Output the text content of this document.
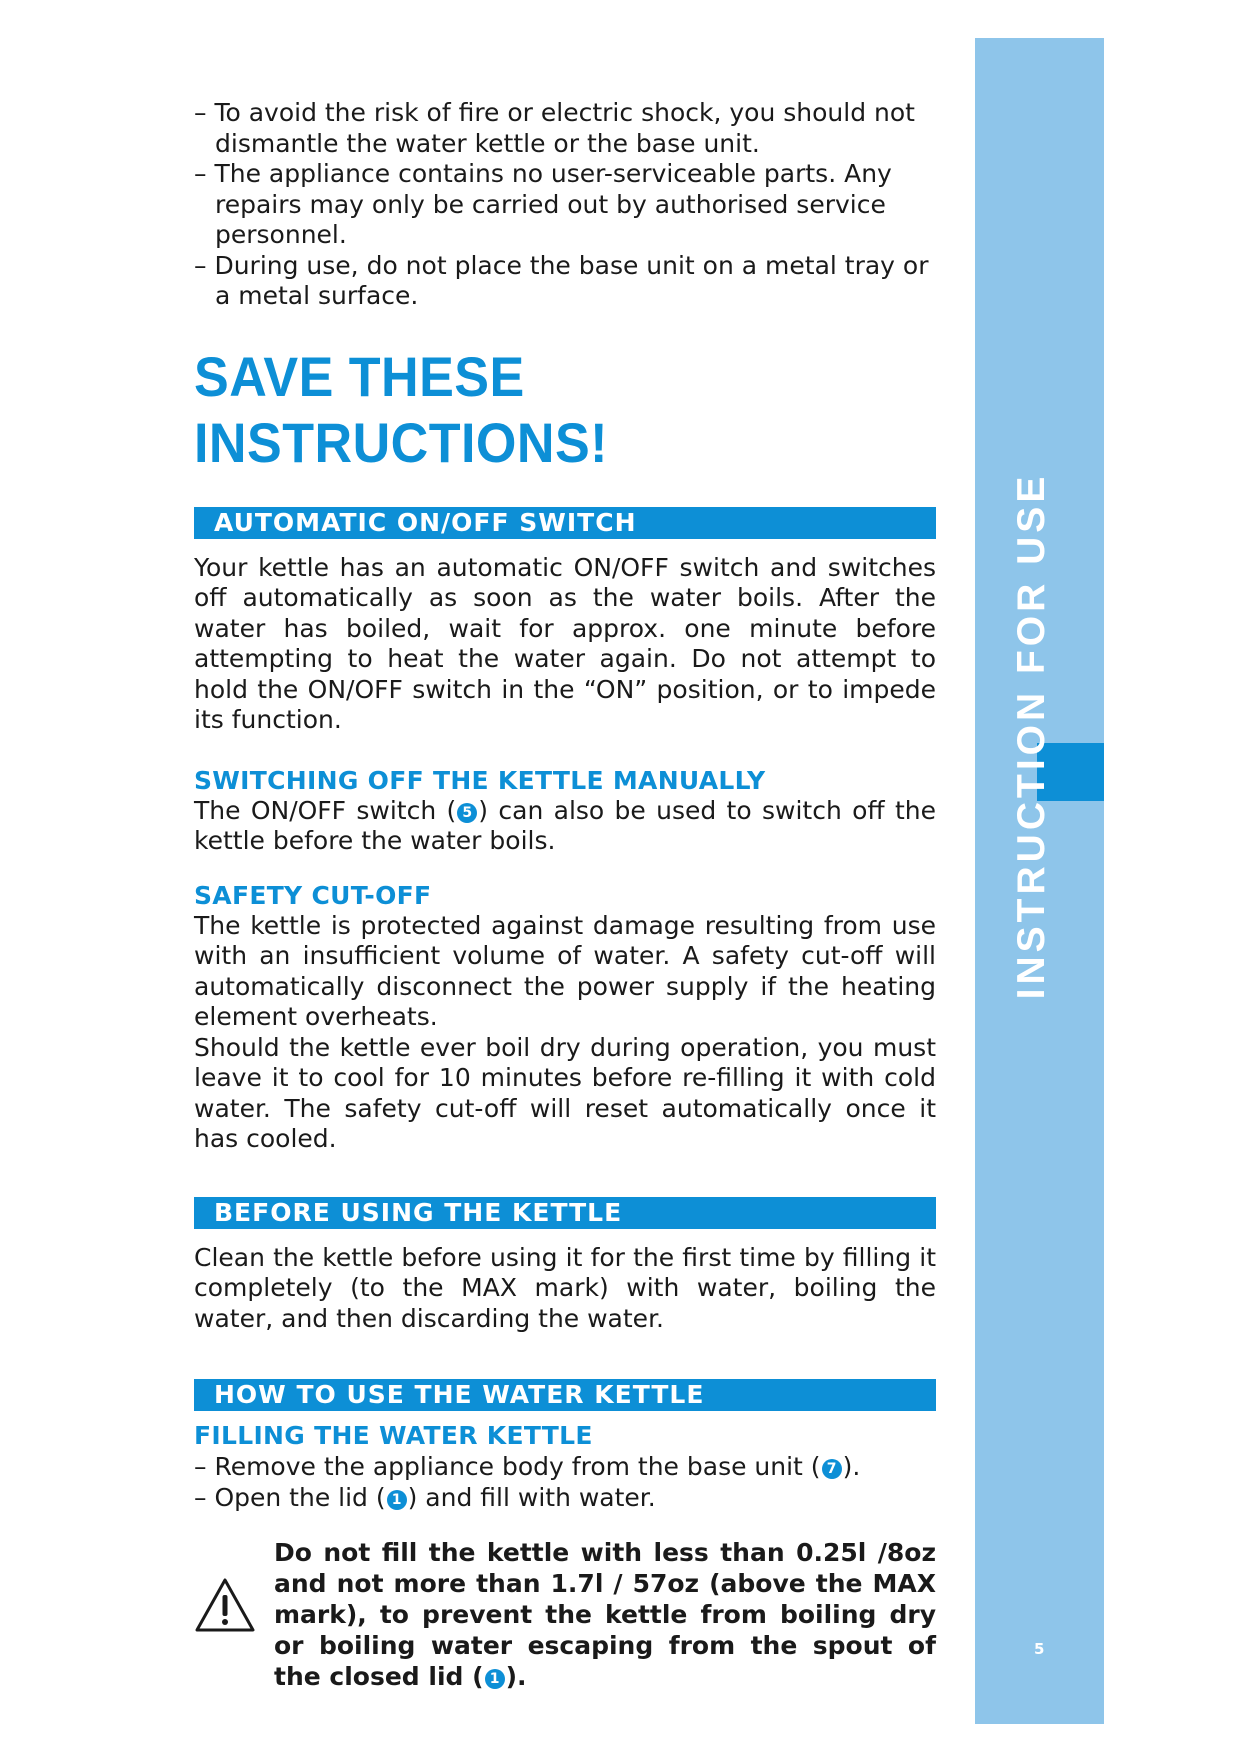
– To avoid the risk of fire or electric shock, you should not dismantle the water kettle or the base unit.

– The appliance contains no user-serviceable parts. Any repairs may only be carried out by authorised service personnel.

– During use, do not place the base unit on a metal tray or a metal surface.

SAVE THESE INSTRUCTIONS!
AUTOMATIC ON/OFF SWITCH

Your kettle has an automatic ON/OFF switch and switches off automatically as soon as the water boils. After the water has boiled, wait for approx. one minute before attempting to heat the water again. Do not attempt to hold the ON/OFF switch in the “ON” position, or to impede its function.

SWITCHING OFF THE KETTLE MANUALLY

The ON/OFF switch ( 5 ) can also be used to switch off the kettle before the water boils.

SAFETY CUT-OFF

The kettle is protected against damage resulting from use with an insufficient volume of water. A safety cut-off will automatically disconnect the power supply if the heating element overheats.

Should the kettle ever boil dry during operation, you must leave it to cool for 10 minutes before re-filling it with cold water. The safety cut-off will reset automatically once it has cooled.

BEFORE USING THE KETTLE

Clean the kettle before using it for the first time by filling it completely (to the MAX mark) with water, boiling the water, and then discarding the water.

HOW TO USE THE WATER KETTLE
FILLING THE WATER KETTLE

– Remove the appliance body from the base unit ( 7 ).

– Open the lid ( 1 ) and fill with water.

Do not fill the kettle with less than 0.25l /8oz and not more than 1.7l / 57oz (above the MAX mark), to prevent the kettle from boiling dry or boiling water escaping from the spout of the closed lid ( 1 ).

INSTRUCTION FOR USE
5
